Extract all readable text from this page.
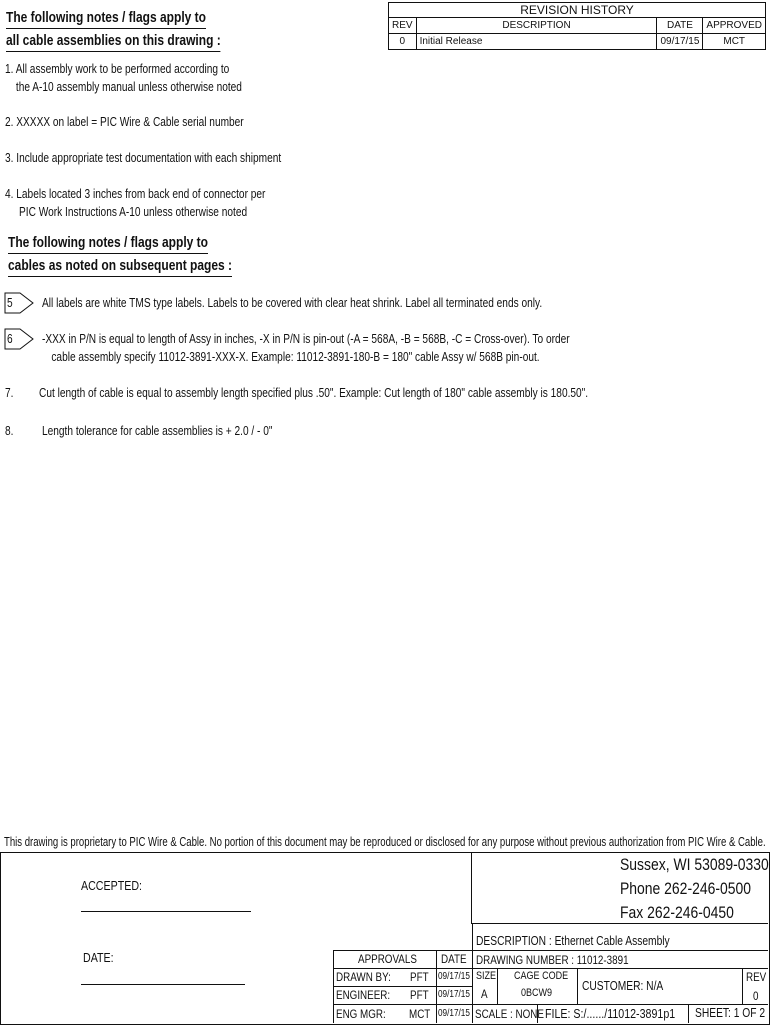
The following notes / flags apply to
all cable assemblies on this drawing :
REVISION HISTORY			
REV	DESCRIPTION	DATE	APPROVED
0	Initial Release	09/17/15	MCT
1. All assembly work to be performed according to
the A-10 assembly manual unless otherwise noted
2. XXXXX on label = PIC Wire & Cable serial number
3. Include appropriate test documentation with each shipment
4. Labels located 3 inches from back end of connector per
PIC Work Instructions A-10 unless otherwise noted
The following notes / flags apply to
cables as noted on subsequent pages :
5 All labels are white TMS type labels. Labels to be covered with clear heat shrink. Label all terminated ends only.
6 -XXX in P/N is equal to length of Assy in inches, -X in P/N is pin-out (-A = 568A, -B = 568B, -C = Cross-over). To order
cable assembly specify 11012-3891-XXX-X. Example: 11012-3891-180-B = 180" cable Assy w/ 568B pin-out.
7. Cut length of cable is equal to assembly length specified plus .50". Example: Cut length of 180" cable assembly is 180.50".
8. Length tolerance for cable assemblies is + 2.0 / - 0"
This drawing is proprietary to PIC Wire & Cable. No portion of this document may be reproduced or disclosed for any purpose without previous authorization from PIC Wire & Cable.
ACCEPTED:
DATE:
Sussex, WI 53089-0330
Phone 262-246-0500
Fax 262-246-0450
DESCRIPTION : Ethernet Cable Assembly
APPROVALS DATE DRAWING NUMBER : 11012-3891
DRAWN BY: PFT 09/17/15
ENGINEER: PFT 09/17/15
ENG MGR: MCT 09/17/15
SIZE
A
CAGE CODE
0BCW9 CUSTOMER: N/A
REV
0
SCALE : NONE FILE: S:/....../11012-3891p1 SHEET: 1 OF 2
